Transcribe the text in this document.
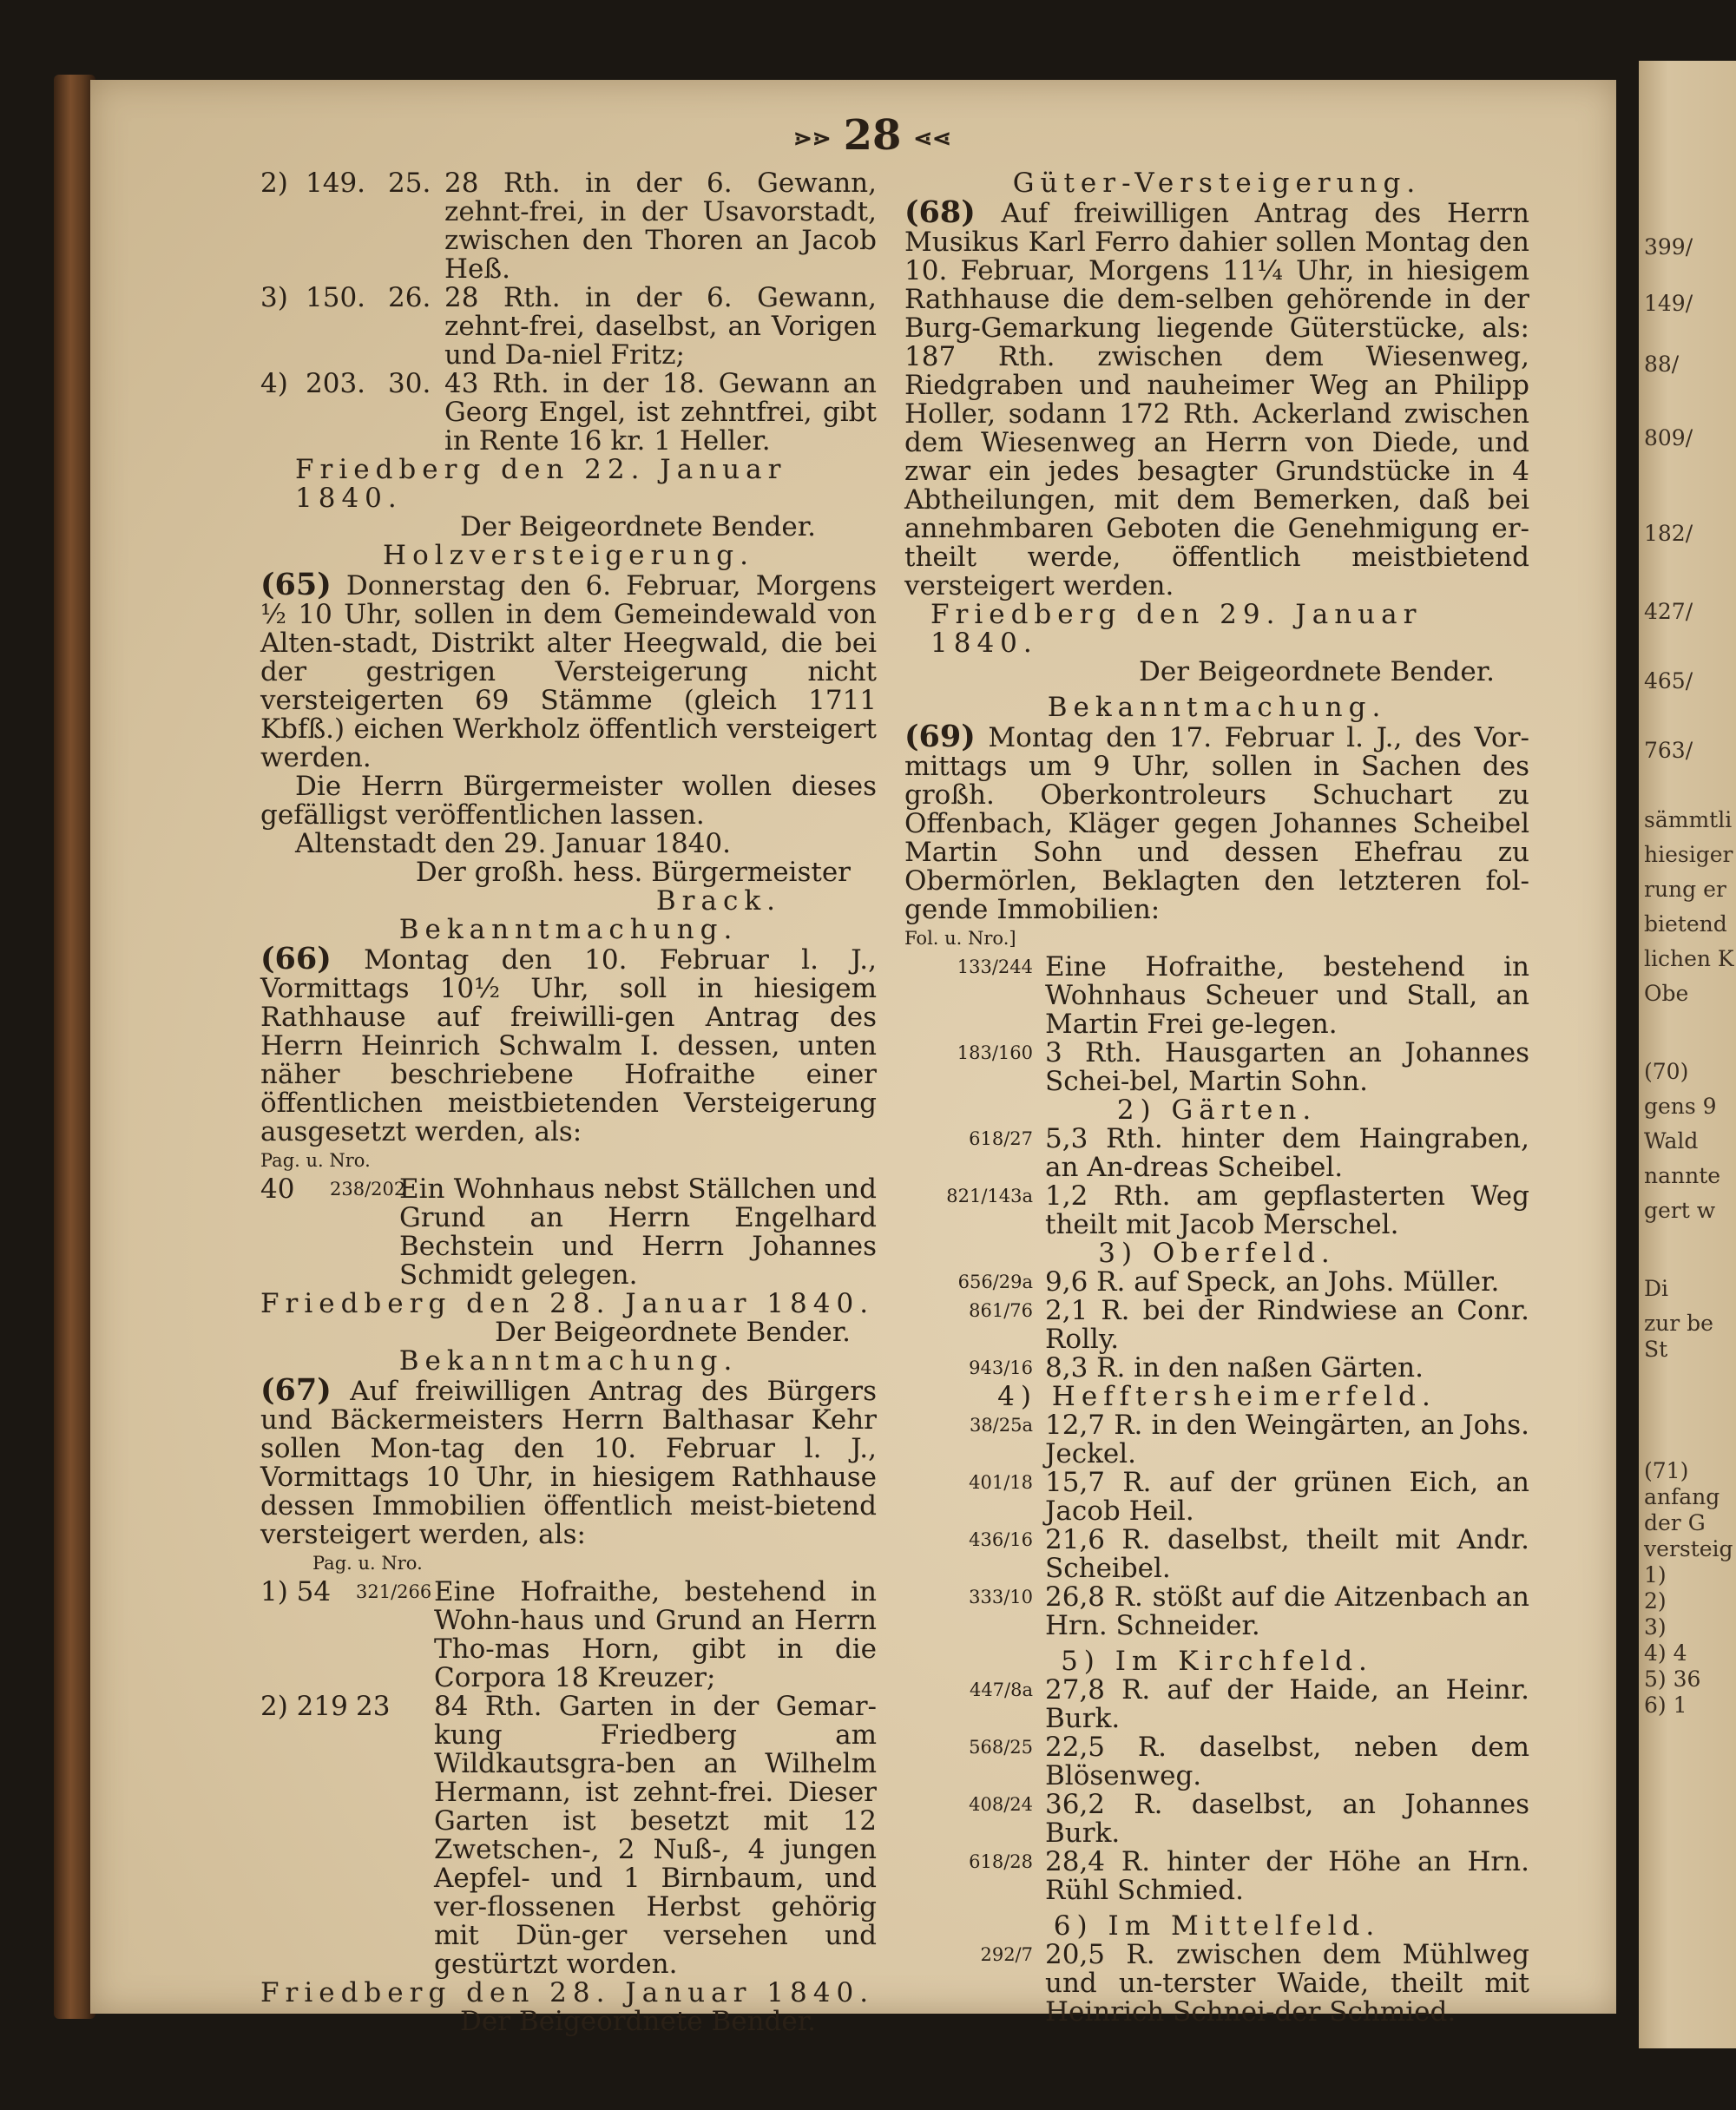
399/
149/
88/
809/
182/
427/
465/
763/
sämmtli
hiesiger
rung er
bietend
lichen K
Obe
(70)
gens 9
Wald
nannte
gert w
Di
zur be
St
(71)
anfang
der G
versteig
1)
2)
3)
4) 4
5) 36
6) 1
⋗⋗ 28 ⋖⋖
2) 149. 25. 28 Rth. in der 6. Gewann, zehnt-frei, in der Usavorstadt, zwischen den Thoren an Jacob Heß.
3) 150. 26. 28 Rth. in der 6. Gewann, zehnt-frei, daselbst, an Vorigen und Da-niel Fritz;
4) 203. 30. 43 Rth. in der 18. Gewann an Georg Engel, ist zehntfrei, gibt in Rente 16 kr. 1 Heller.

Friedberg den 22. Januar 1840.

Der Beigeordnete Bender.

Holzversteigerung.

(65) Donnerstag den 6. Februar, Morgens ½ 10 Uhr, sollen in dem Gemeindewald von Alten-stadt, Distrikt alter Heegwald, die bei der gestrigen Versteigerung nicht versteigerten 69 Stämme (gleich 1711 Kbfß.) eichen Werkholz öffentlich versteigert werden.

Die Herrn Bürgermeister wollen dieses gefälligst veröffentlichen lassen.

Altenstadt den 29. Januar 1840.

Der großh. hess. Bürgermeister

Brack.

Bekanntmachung.

(66) Montag den 10. Februar l. J., Vormittags 10½ Uhr, soll in hiesigem Rathhause auf freiwilli-gen Antrag des Herrn Heinrich Schwalm I. dessen, unten näher beschriebene Hofraithe einer öffentlichen meistbietenden Versteigerung ausgesetzt werden, als:

Pag. u. Nro.

40	238/202
Ein Wohnhaus nebst Ställchen und Grund an Herrn Engelhard Bechstein und Herrn Johannes Schmidt gelegen.

Friedberg den 28. Januar 1840.

Der Beigeordnete Bender.

Bekanntmachung.

(67) Auf freiwilligen Antrag des Bürgers und Bäckermeisters Herrn Balthasar Kehr sollen Mon-tag den 10. Februar l. J., Vormittags 10 Uhr, in hiesigem Rathhause dessen Immobilien öffentlich meist-bietend versteigert werden, als:

Pag. u. Nro.

1) 54	321/266 Eine Hofraithe, bestehend in Wohn-haus und Grund an Herrn Tho-mas Horn, gibt in die Corpora 18 Kreuzer;
2) 219 23	84 Rth. Garten in der Gemar-kung Friedberg am Wildkautsgra-ben an Wilhelm Hermann, ist zehnt-frei. Dieser Garten ist besetzt mit 12 Zwetschen-, 2 Nuß-, 4 jungen Aepfel- und 1 Birnbaum, und ver-flossenen Herbst gehörig mit Dün-ger versehen und gestürtzt worden.

Friedberg den 28. Januar 1840.

Der Beigeordnete Bender.

Güter-Versteigerung.

(68) Auf freiwilligen Antrag des Herrn Musikus Karl Ferro dahier sollen Montag den 10. Februar, Morgens 11¼ Uhr, in hiesigem Rathhause die dem-selben gehörende in der Burg-Gemarkung liegende Güterstücke, als: 187 Rth. zwischen dem Wiesenweg, Riedgraben und nauheimer Weg an Philipp Holler, sodann 172 Rth. Ackerland zwischen dem Wiesenweg an Herrn von Diede, und zwar ein jedes besagter Grundstücke in 4 Abtheilungen, mit dem Bemerken, daß bei annehmbaren Geboten die Genehmigung er-theilt werde, öffentlich meistbietend versteigert werden.

Friedberg den 29. Januar 1840.

Der Beigeordnete Bender.

Bekanntmachung.

(69) Montag den 17. Februar l. J., des Vor-mittags um 9 Uhr, sollen in Sachen des großh. Oberkontroleurs Schuchart zu Offenbach, Kläger gegen Johannes Scheibel Martin Sohn und dessen Ehefrau zu Obermörlen, Beklagten den letzteren fol-gende Immobilien:

Fol. u. Nro.]

133/244 Eine Hofraithe, bestehend in Wohnhaus Scheuer und Stall, an Martin Frei ge-legen.
183/160 3 Rth. Hausgarten an Johannes Schei-bel, Martin Sohn.

2) Gärten.

618/27 5,3 Rth. hinter dem Haingraben, an An-dreas Scheibel.
821/143a 1,2 Rth. am gepflasterten Weg theilt mit Jacob Merschel.

3) Oberfeld.

656/29a 9,6 R. auf Speck, an Johs. Müller.
861/76 2,1 R. bei der Rindwiese an Conr. Rolly.
943/16 8,3 R. in den naßen Gärten.

4) Hefftersheimerfeld.

38/25a 12,7 R. in den Weingärten, an Johs. Jeckel.
401/18 15,7 R. auf der grünen Eich, an Jacob Heil.
436/16 21,6 R. daselbst, theilt mit Andr. Scheibel.
333/10 26,8 R. stößt auf die Aitzenbach an Hrn. Schneider.

5) Im Kirchfeld.

447/8a 27,8 R. auf der Haide, an Heinr. Burk.
568/25 22,5 R. daselbst, neben dem Blösenweg.
408/24 36,2 R. daselbst, an Johannes Burk.
618/28 28,4 R. hinter der Höhe an Hrn. Rühl Schmied.

6) Im Mittelfeld.

292/7 20,5 R. zwischen dem Mühlweg und un-terster Waide, theilt mit Heinrich Schnei-der Schmied.
